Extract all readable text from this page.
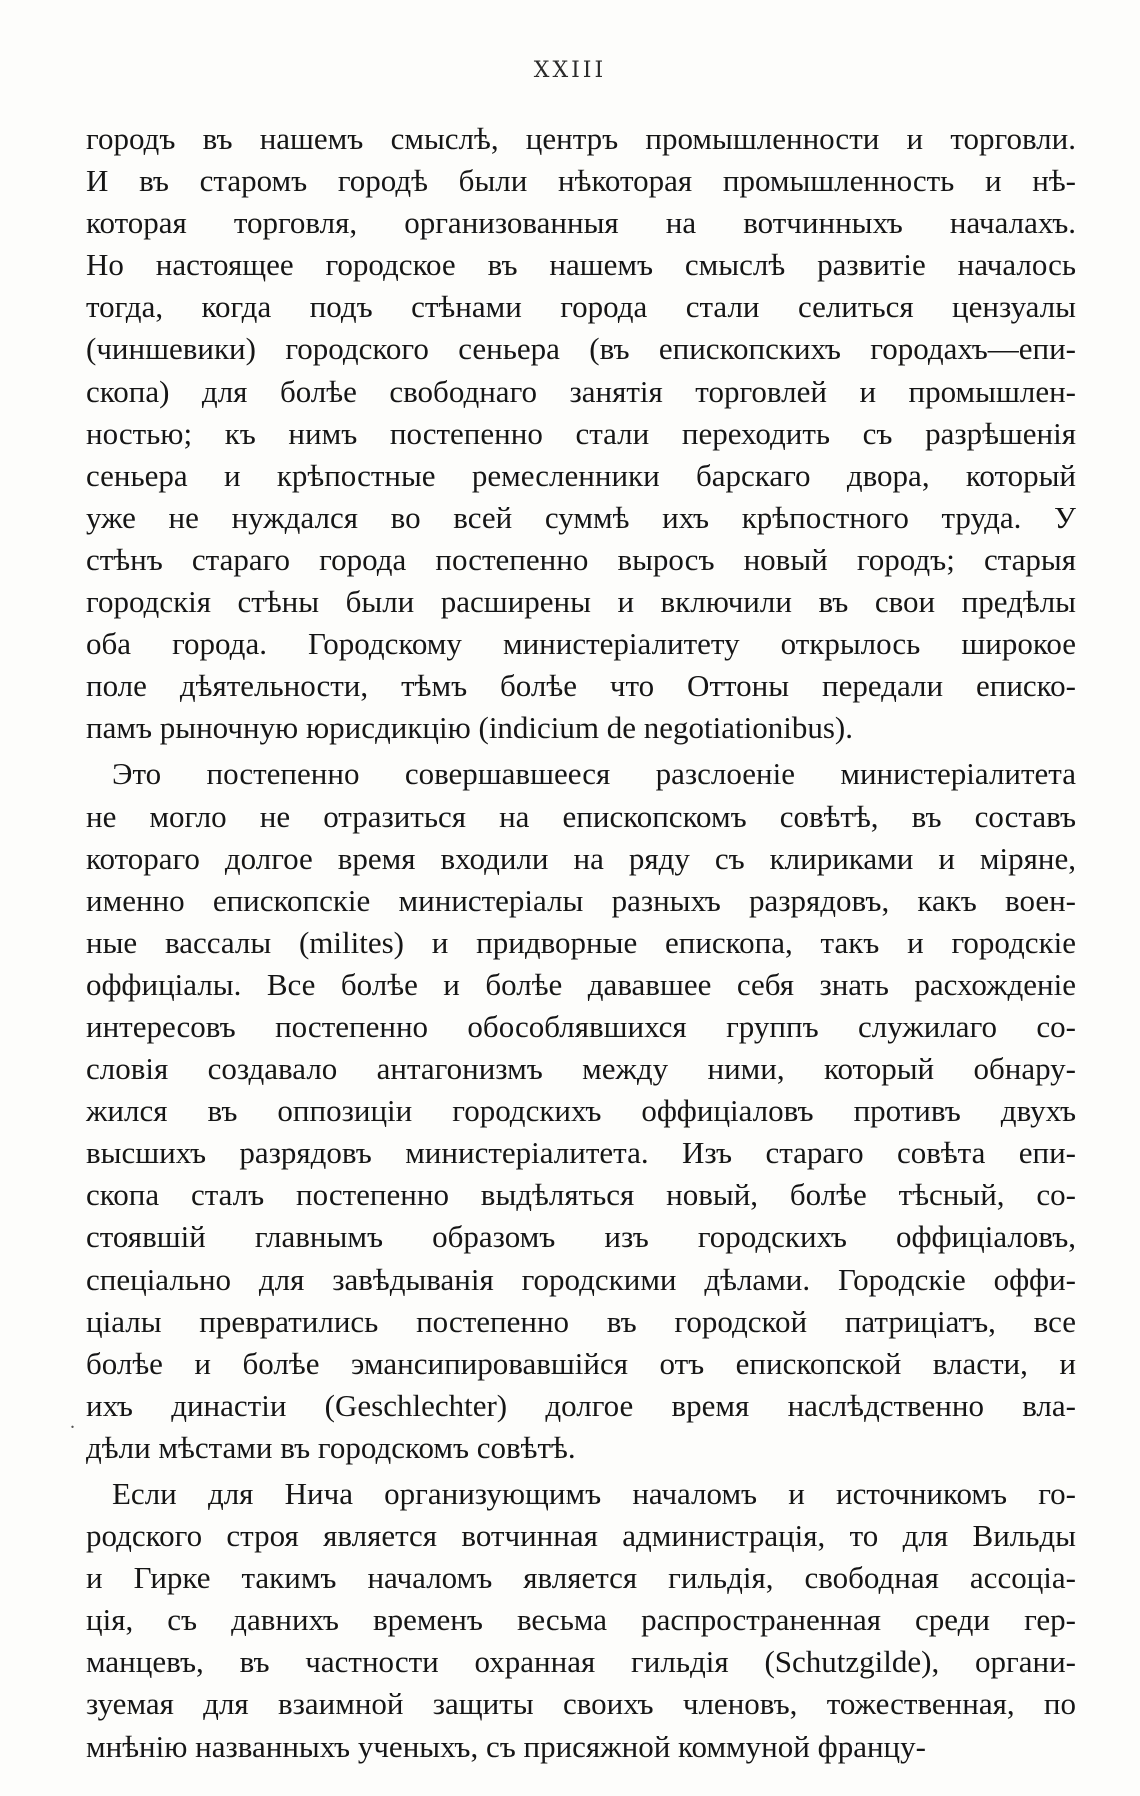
XXIII
городъ въ нашемъ смыслѣ, центръ промышленности и торговли.
И въ старомъ городѣ были нѣкоторая промышленность и нѣ-
которая торговля, организованныя на вотчинныхъ началахъ.
Но настоящее городское въ нашемъ смыслѣ развитіе началось
тогда, когда подъ стѣнами города стали селиться цензуалы
(чиншевики) городского сеньера (въ епископскихъ городахъ—епи-
скопа) для болѣе свободнаго занятія торговлей и промышлен-
ностью; къ нимъ постепенно стали переходить съ разрѣшенія
сеньера и крѣпостные ремесленники барскаго двора, который
уже не нуждался во всей суммѣ ихъ крѣпостного труда. У
стѣнъ стараго города постепенно выросъ новый городъ; старыя
городскія стѣны были расширены и включили въ свои предѣлы
оба города. Городскому министеріалитету открылось широкое
поле дѣятельности, тѣмъ болѣе что Оттоны передали еписко-
памъ рыночную юрисдикцію (indicium de negotiationibus).
Это постепенно совершавшееся разслоеніе министеріалитета
не могло не отразиться на епископскомъ совѣтѣ, въ составъ
котораго долгое время входили на ряду съ клириками и міряне,
именно епископскіе министеріалы разныхъ разрядовъ, какъ воен-
ные вассалы (milites) и придворные епископа, такъ и городскіе
оффиціалы. Все болѣе и болѣе дававшее себя знать расхожденіе
интересовъ постепенно обособлявшихся группъ служилаго со-
словія создавало антагонизмъ между ними, который обнару-
жился въ оппозиціи городскихъ оффиціаловъ противъ двухъ
высшихъ разрядовъ министеріалитета. Изъ стараго совѣта епи-
скопа сталъ постепенно выдѣляться новый, болѣе тѣсный, со-
стоявшій главнымъ образомъ изъ городскихъ оффиціаловъ,
спеціально для завѣдыванія городскими дѣлами. Городскіе оффи-
ціалы превратились постепенно въ городской патриціатъ, все
болѣе и болѣе эмансипировавшійся отъ епископской власти, и
ихъ династіи (Geschlechter) долгое время наслѣдственно вла-
дѣли мѣстами въ городскомъ совѣтѣ.
Если для Нича организующимъ началомъ и источникомъ го-
родского строя является вотчинная администрація, то для Вильды
и Гирке такимъ началомъ является гильдія, свободная ассоціа-
ція, съ давнихъ временъ весьма распространенная среди гер-
манцевъ, въ частности охранная гильдія (Schutzgilde), органи-
зуемая для взаимной защиты своихъ членовъ, тожественная, по
мнѣнію названныхъ ученыхъ, съ присяжной коммуной францу-
.
